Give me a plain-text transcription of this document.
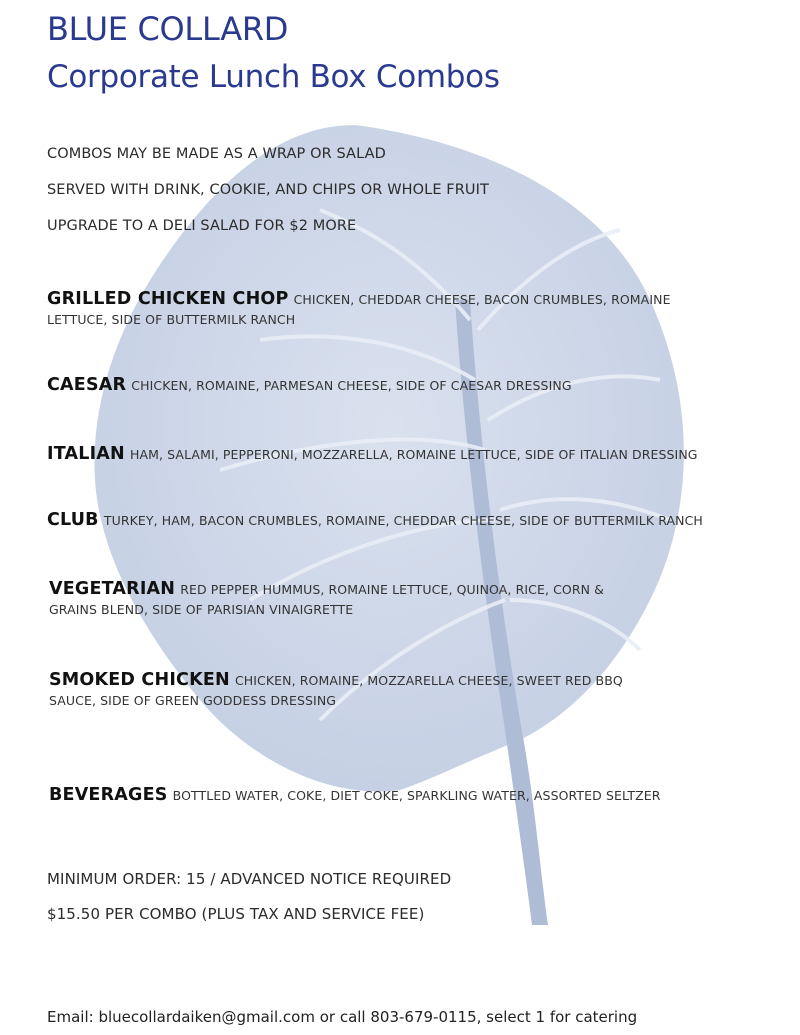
BLUE COLLARD
Corporate Lunch Box Combos

COMBOS MAY BE MADE AS A WRAP OR SALAD

SERVED WITH DRINK, COOKIE, AND CHIPS OR WHOLE FRUIT

UPGRADE TO A DELI SALAD FOR $2 MORE

GRILLED CHICKEN CHOP CHICKEN, CHEDDAR CHEESE, BACON CRUMBLES, ROMAINE LETTUCE, SIDE OF BUTTERMILK RANCH
CAESAR CHICKEN, ROMAINE, PARMESAN CHEESE, SIDE OF CAESAR DRESSING
ITALIAN HAM, SALAMI, PEPPERONI, MOZZARELLA, ROMAINE LETTUCE, SIDE OF ITALIAN DRESSING
CLUB TURKEY, HAM, BACON CRUMBLES, ROMAINE, CHEDDAR CHEESE, SIDE OF BUTTERMILK RANCH
VEGETARIAN RED PEPPER HUMMUS, ROMAINE LETTUCE, QUINOA, RICE, CORN & GRAINS BLEND, SIDE OF PARISIAN VINAIGRETTE
SMOKED CHICKEN CHICKEN, ROMAINE, MOZZARELLA CHEESE, SWEET RED BBQ SAUCE, SIDE OF GREEN GODDESS DRESSING
BEVERAGES BOTTLED WATER, COKE, DIET COKE, SPARKLING WATER, ASSORTED SELTZER

MINIMUM ORDER: 15 / ADVANCED NOTICE REQUIRED

$15.50 PER COMBO (PLUS TAX AND SERVICE FEE)

Email: bluecollardaiken@gmail.com or call 803-679-0115, select 1 for catering
